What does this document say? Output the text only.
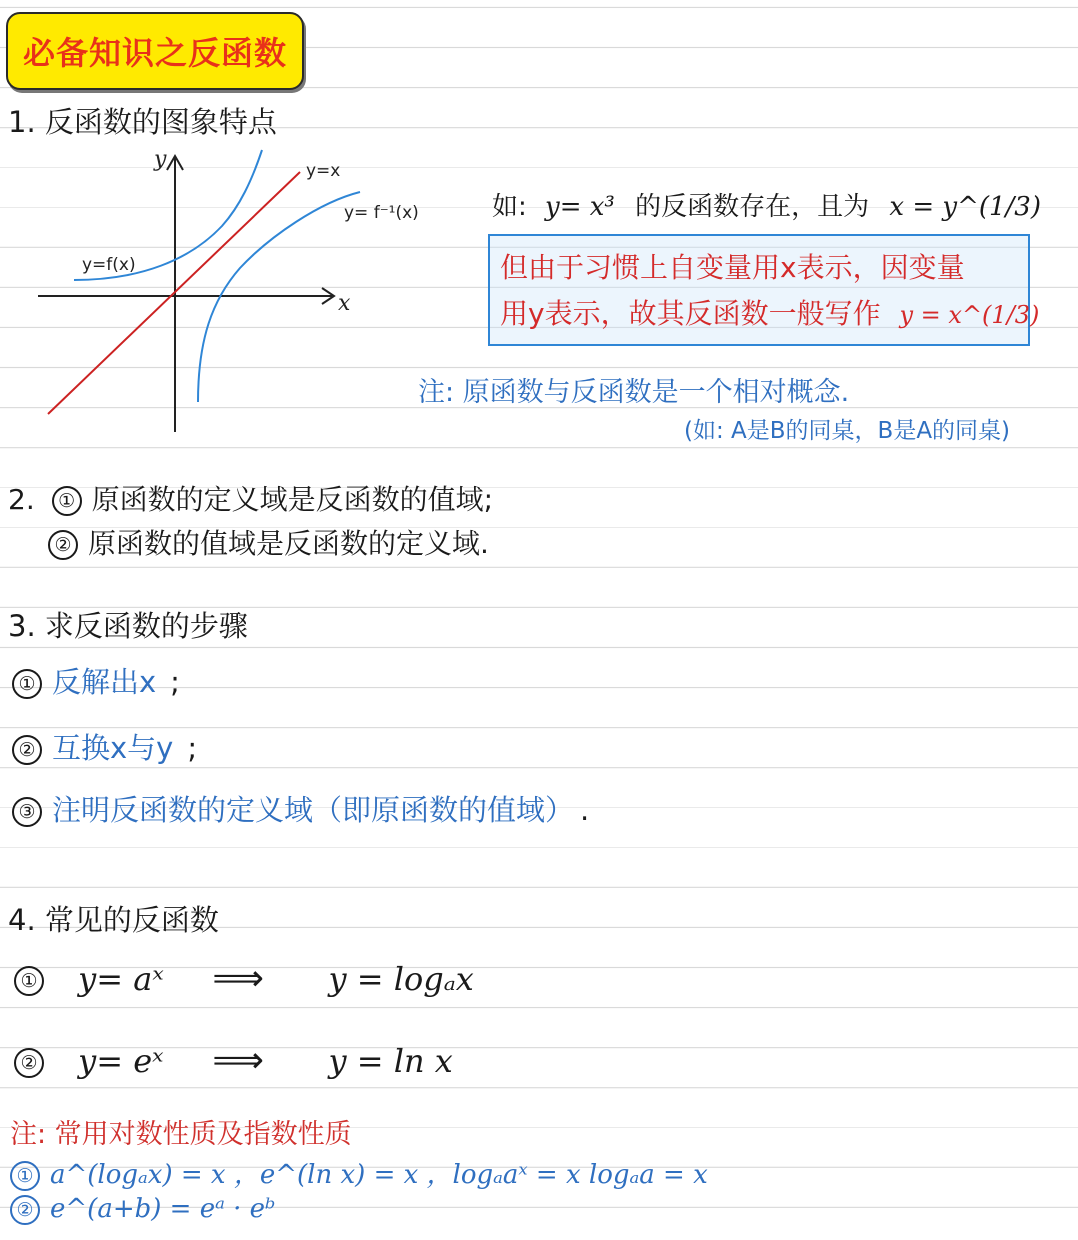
必备知识之反函数
1. 反函数的图象特点
y
x
y=x
y=f(x)
y= f⁻¹(x)	如: y= x³ 的反函数存在，且为 x = y^(1/3)
但由于习惯上自变量用x表示，因变量
用y表示，故其反函数一般写作 y = x^(1/3)
注: 原函数与反函数是一个相对概念.
(如: A是B的同桌，B是A的同桌)
2. ① 原函数的定义域是反函数的值域;
② 原函数的值域是反函数的定义域.
3. 求反函数的步骤
① 反解出x ;
② 互换x与y ;
③ 注明反函数的定义域（即原函数的值域） .
4. 常见的反函数
① y= aˣ ⟹ y = logₐx
② y= eˣ ⟹ y = ln x
注: 常用对数性质及指数性质
① a^(logₐx) = x ，e^(ln x) = x ，logₐaˣ = x logₐa = x
② e^(a+b) = eᵃ · eᵇ
